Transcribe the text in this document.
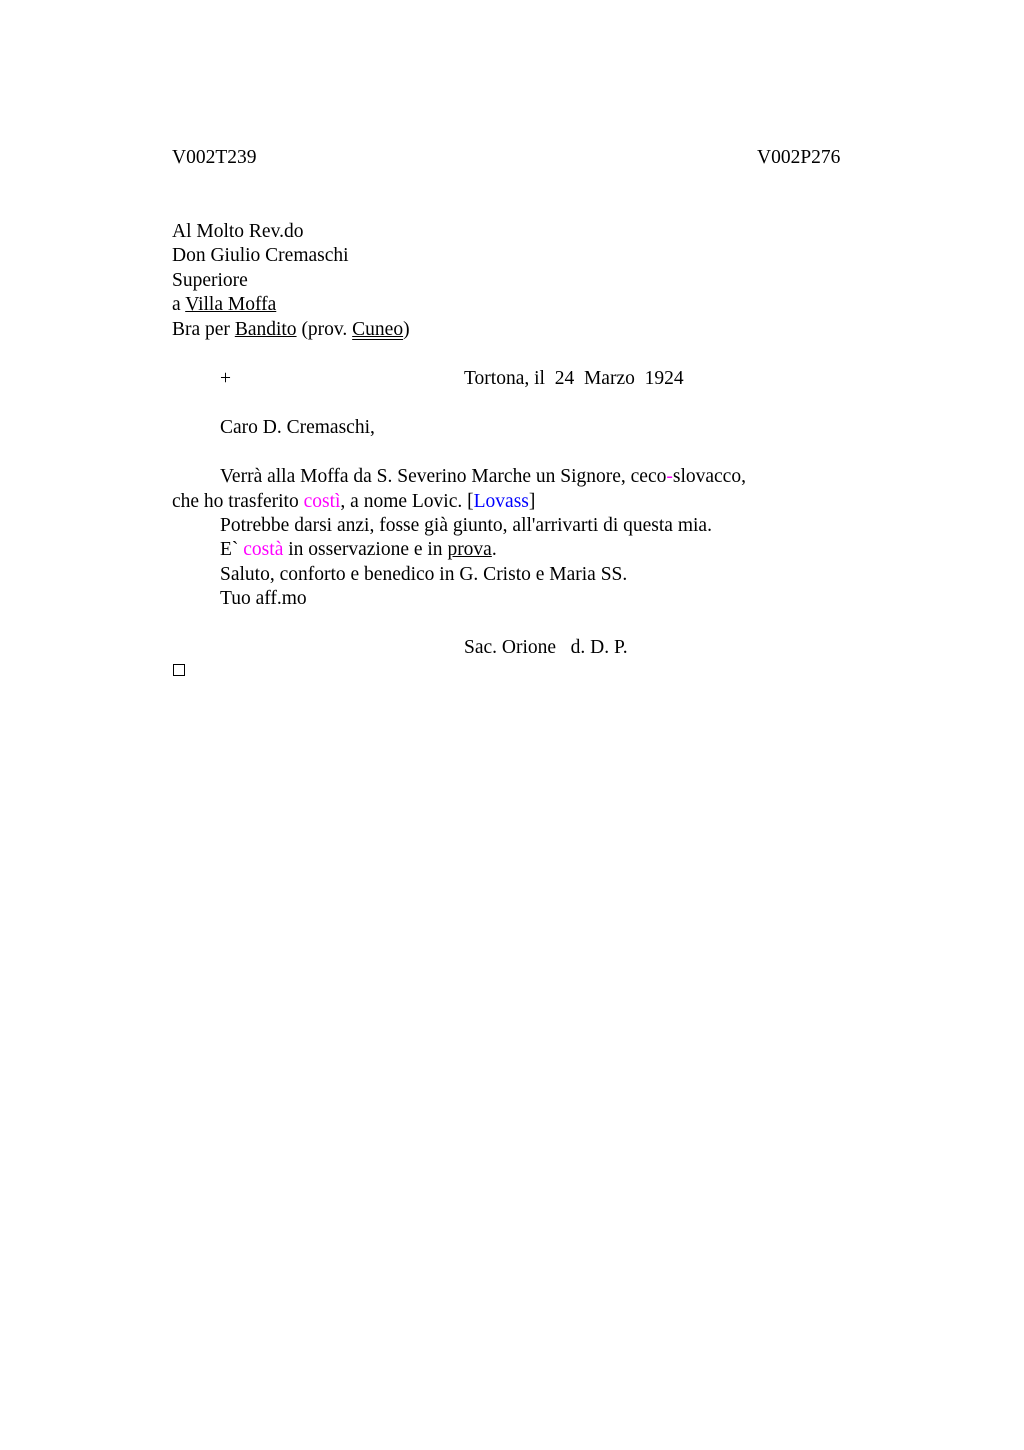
V002T239	V002P276
Al Molto Rev.do
Don Giulio Cremaschi
Superiore
a Villa Moffa
Bra per Bandito (prov. Cuneo)
+	Tortona, il  24  Marzo  1924
Caro D. Cremaschi,
Verrà alla Moffa da S. Severino Marche un Signore, ceco-slovacco,
che ho trasferito costì, a nome Lovic. [Lovass]
Potrebbe darsi anzi, fosse già giunto, all'arrivarti di questa mia.
E` costà in osservazione e in prova.
Saluto, conforto e benedico in G. Cristo e Maria SS.
Tuo aff.mo
Sac. Orione   d. D. P.
